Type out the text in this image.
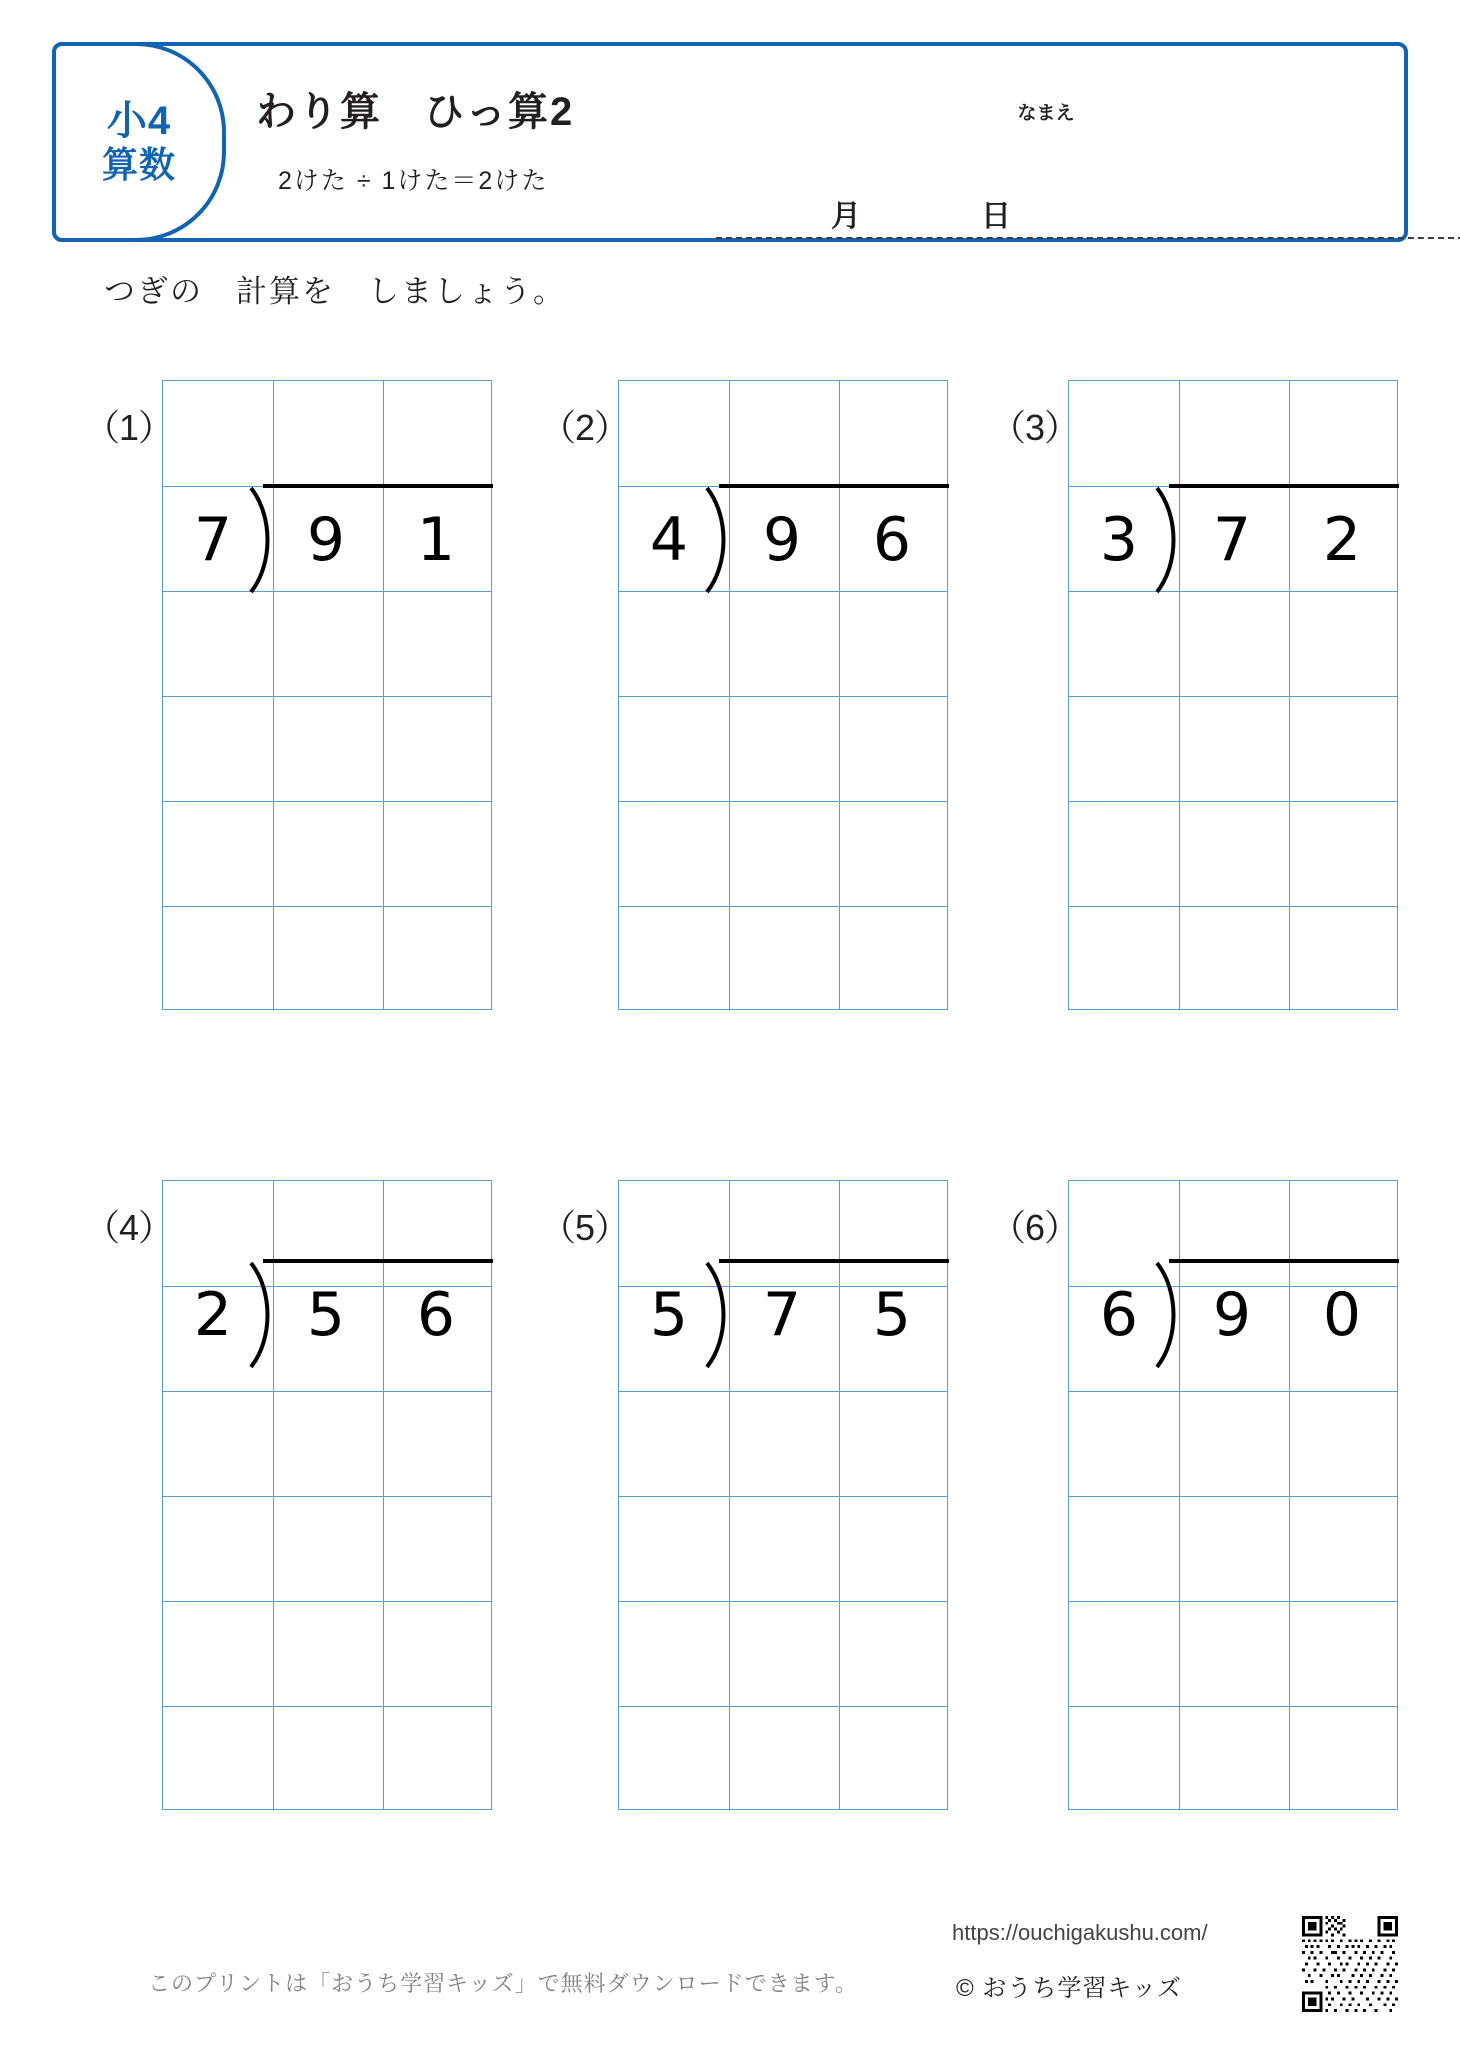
小4
算数
わり算　ひっ算2
2けた ÷ 1けた＝2けた
なまえ
月	日
つぎの　計算を　しましょう。
（1）
7	9	1
（2）
4	9	6
（3）
3	7	2
（4）
2	5	6
（5）
5	7	5
（6）
6	9	0
このプリントは「おうち学習キッズ」で無料ダウンロードできます。
https://ouchigakushu.com/
© おうち学習キッズ
